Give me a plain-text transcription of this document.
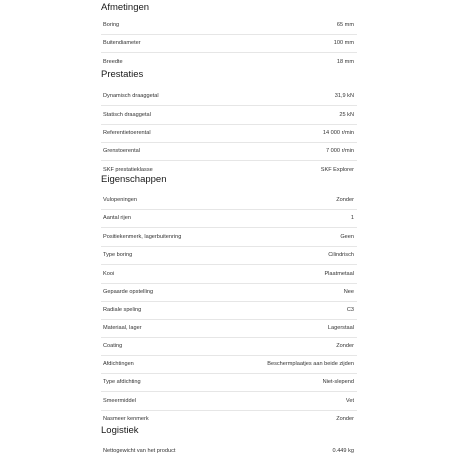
Afmetingen
Boring	65 mm
Buitendiameter	100 mm
Breedte	18 mm
Prestaties
Dynamisch draaggetal	31,9 kN
Statisch draaggetal	25 kN
Referentietoerental	14 000 r/min
Grenstoerental	7 000 r/min
SKF prestatieklasse	SKF Explorer
Eigenschappen
Vulopeningen	Zonder
Aantal rijen	1
Positiekenmerk, lagerbuitenring	Geen
Type boring	Cilindrisch
Kooi	Plaatmetaal
Gepaarde opstelling	Nee
Radiale speling	C3
Materiaal, lager	Lagerstaal
Coating	Zonder
Afdichtingen	Beschermplaatjes aan beide zijden
Type afdichting	Niet-slepend
Smeermiddel	Vet
Nasmeer kenmerk	Zonder
Logistiek
Nettogewicht van het product	0.449 kg
